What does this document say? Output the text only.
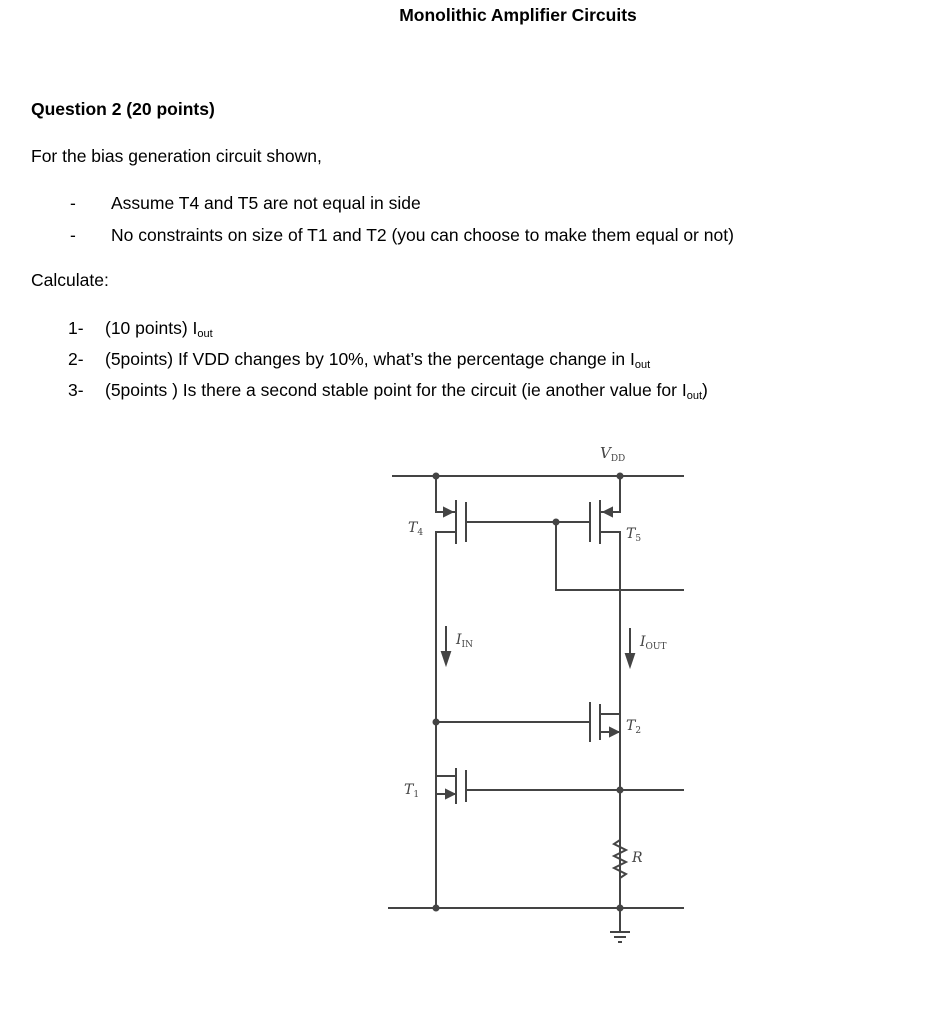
Monolithic Amplifier Circuits
Question 2 (20 points)
For the bias generation circuit shown,
- Assume T4 and T5 are not equal in side
- No constraints on size of T1 and T2 (you can choose to make them equal or not)
Calculate:
1- (10 points) $I_{out}$
2- (5points) If VDD changes by 10%, what’s the percentage change in $I_{out}$
3- (5points ) Is there a second stable point for the circuit (ie another value for $I_{out}$)
$V_{DD}$
$T_4$	$T_5$
$I_{IN}$	$I_{OUT}$
$T_2$
$T_1$
R
